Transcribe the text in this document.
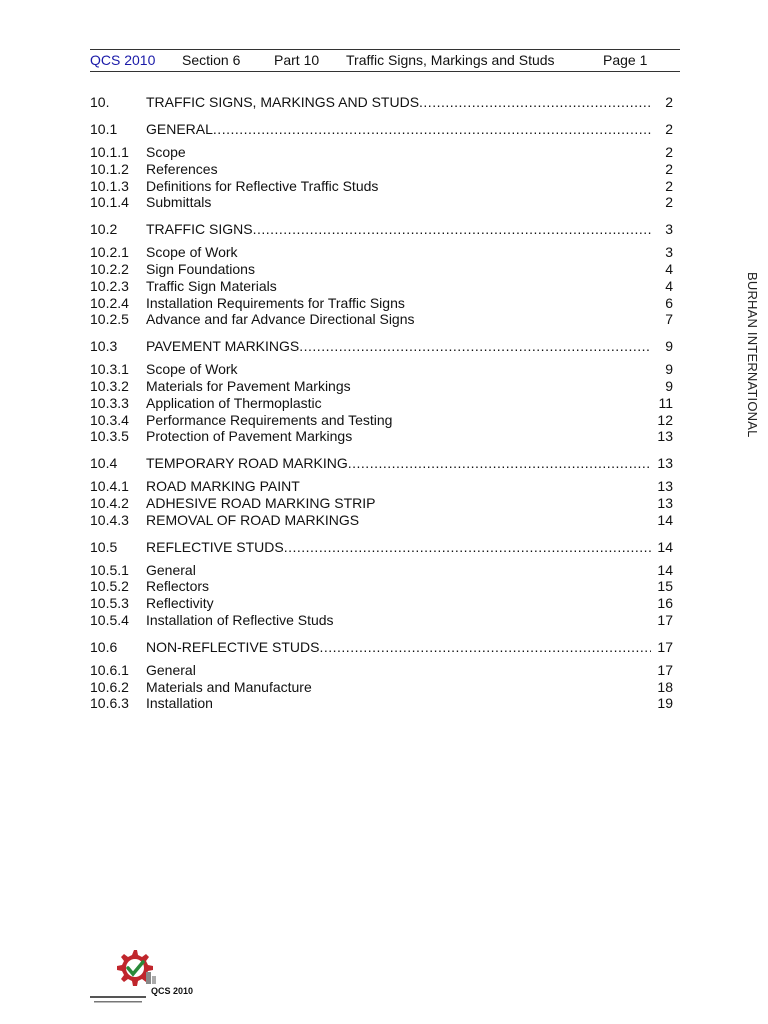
QCS 2010 Section 6 Part 10 Traffic Signs, Markings and Studs	Page 1
10.	TRAFFIC SIGNS, MARKINGS AND STUDS .....	2
10.1 GENERAL .....	2
10.1.1 Scope	2
10.1.2 References	2
10.1.3 Definitions for Reflective Traffic Studs	2
10.1.4 Submittals	2
10.2 TRAFFIC SIGNS .....	3
10.2.1 Scope of Work	3
10.2.2 Sign Foundations	4
10.2.3 Traffic Sign Materials	4
10.2.4 Installation Requirements for Traffic Signs	6
10.2.5 Advance and far Advance Directional Signs	7
10.3 PAVEMENT MARKINGS .....	9
10.3.1 Scope of Work	9
10.3.2 Materials for Pavement Markings	9
10.3.3 Application of Thermoplastic	11
10.3.4 Performance Requirements and Testing	12
10.3.5 Protection of Pavement Markings	13
10.4 TEMPORARY ROAD MARKING .....	13
10.4.1 ROAD MARKING PAINT	13
10.4.2 ADHESIVE ROAD MARKING STRIP	13
10.4.3 REMOVAL OF ROAD MARKINGS	14
10.5 REFLECTIVE STUDS .....	14
10.5.1 General	14
10.5.2 Reflectors	15
10.5.3 Reflectivity	16
10.5.4 Installation of Reflective Studs	17
10.6 NON-REFLECTIVE STUDS .....	17
10.6.1 General	17
10.6.2 Materials and Manufacture	18
10.6.3 Installation	19
BURHAN INTERNATIONAL
QCS 2010
